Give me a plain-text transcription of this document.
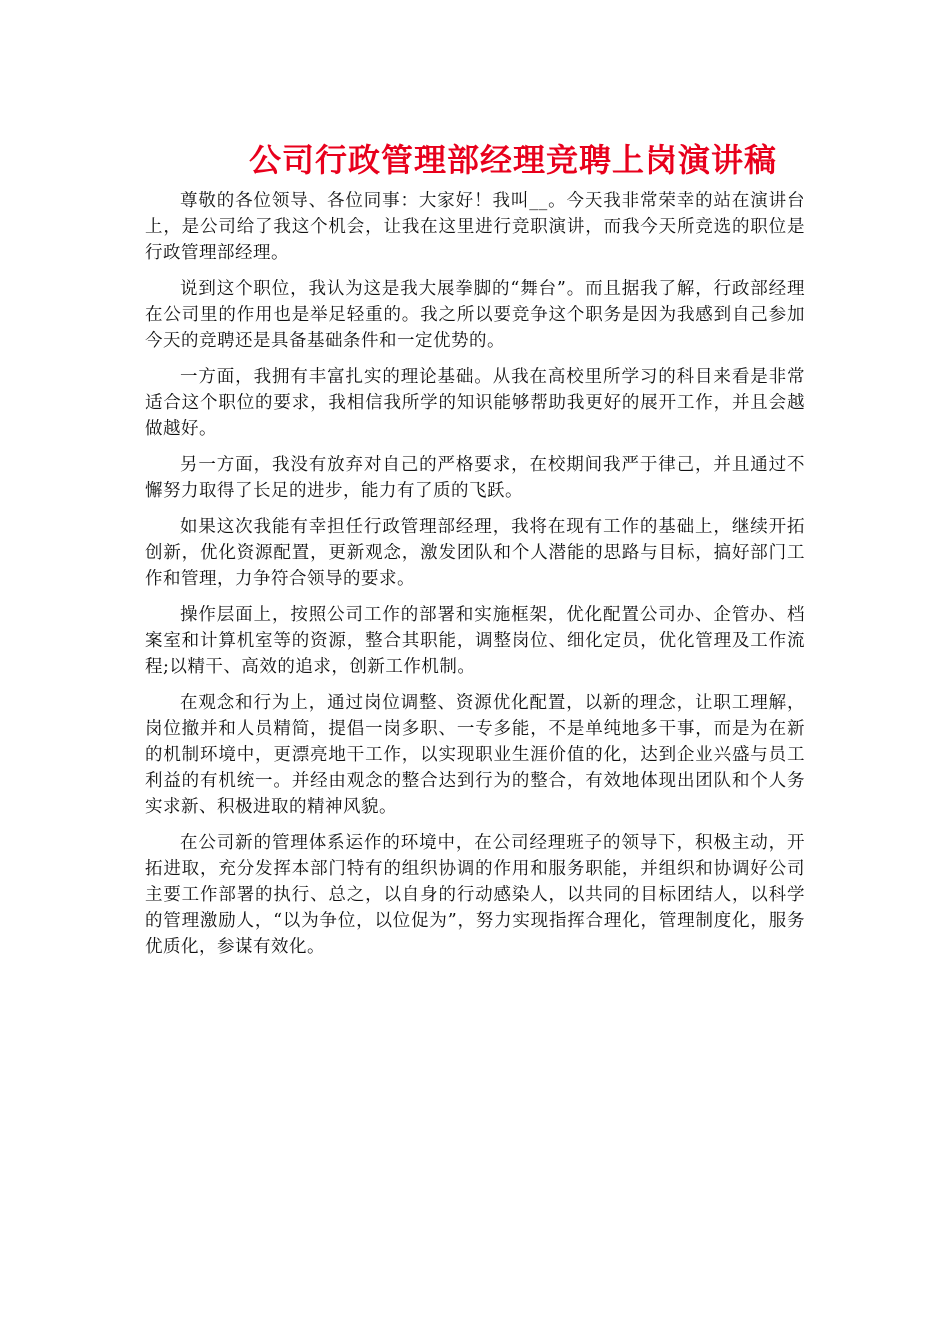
公司行政管理部经理竞聘上岗演讲稿

尊敬的各位领导、各位同事：大家好！我叫__。今天我非常荣幸的站在演讲台上，是公司给了我这个机会，让我在这里进行竞职演讲，而我今天所竞选的职位是行政管理部经理。

说到这个职位，我认为这是我大展拳脚的“舞台”。而且据我了解，行政部经理在公司里的作用也是举足轻重的。我之所以要竞争这个职务是因为我感到自己参加今天的竞聘还是具备基础条件和一定优势的。

一方面，我拥有丰富扎实的理论基础。从我在高校里所学习的科目来看是非常适合这个职位的要求，我相信我所学的知识能够帮助我更好的展开工作，并且会越做越好。

另一方面，我没有放弃对自己的严格要求，在校期间我严于律己，并且通过不懈努力取得了长足的进步，能力有了质的飞跃。

如果这次我能有幸担任行政管理部经理，我将在现有工作的基础上，继续开拓创新，优化资源配置，更新观念，激发团队和个人潜能的思路与目标，搞好部门工作和管理，力争符合领导的要求。

操作层面上，按照公司工作的部署和实施框架，优化配置公司办、企管办、档案室和计算机室等的资源，整合其职能，调整岗位、细化定员，优化管理及工作流程;以精干、高效的追求，创新工作机制。

在观念和行为上，通过岗位调整、资源优化配置，以新的理念，让职工理解，岗位撤并和人员精简，提倡一岗多职、一专多能，不是单纯地多干事，而是为在新的机制环境中，更漂亮地干工作，以实现职业生涯价值的化，达到企业兴盛与员工利益的有机统一。并经由观念的整合达到行为的整合，有效地体现出团队和个人务实求新、积极进取的精神风貌。

在公司新的管理体系运作的环境中，在公司经理班子的领导下，积极主动，开拓进取，充分发挥本部门特有的组织协调的作用和服务职能，并组织和协调好公司主要工作部署的执行、总之，以自身的行动感染人，以共同的目标团结人，以科学的管理激励人，“以为争位，以位促为”，努力实现指挥合理化，管理制度化，服务优质化，参谋有效化。
